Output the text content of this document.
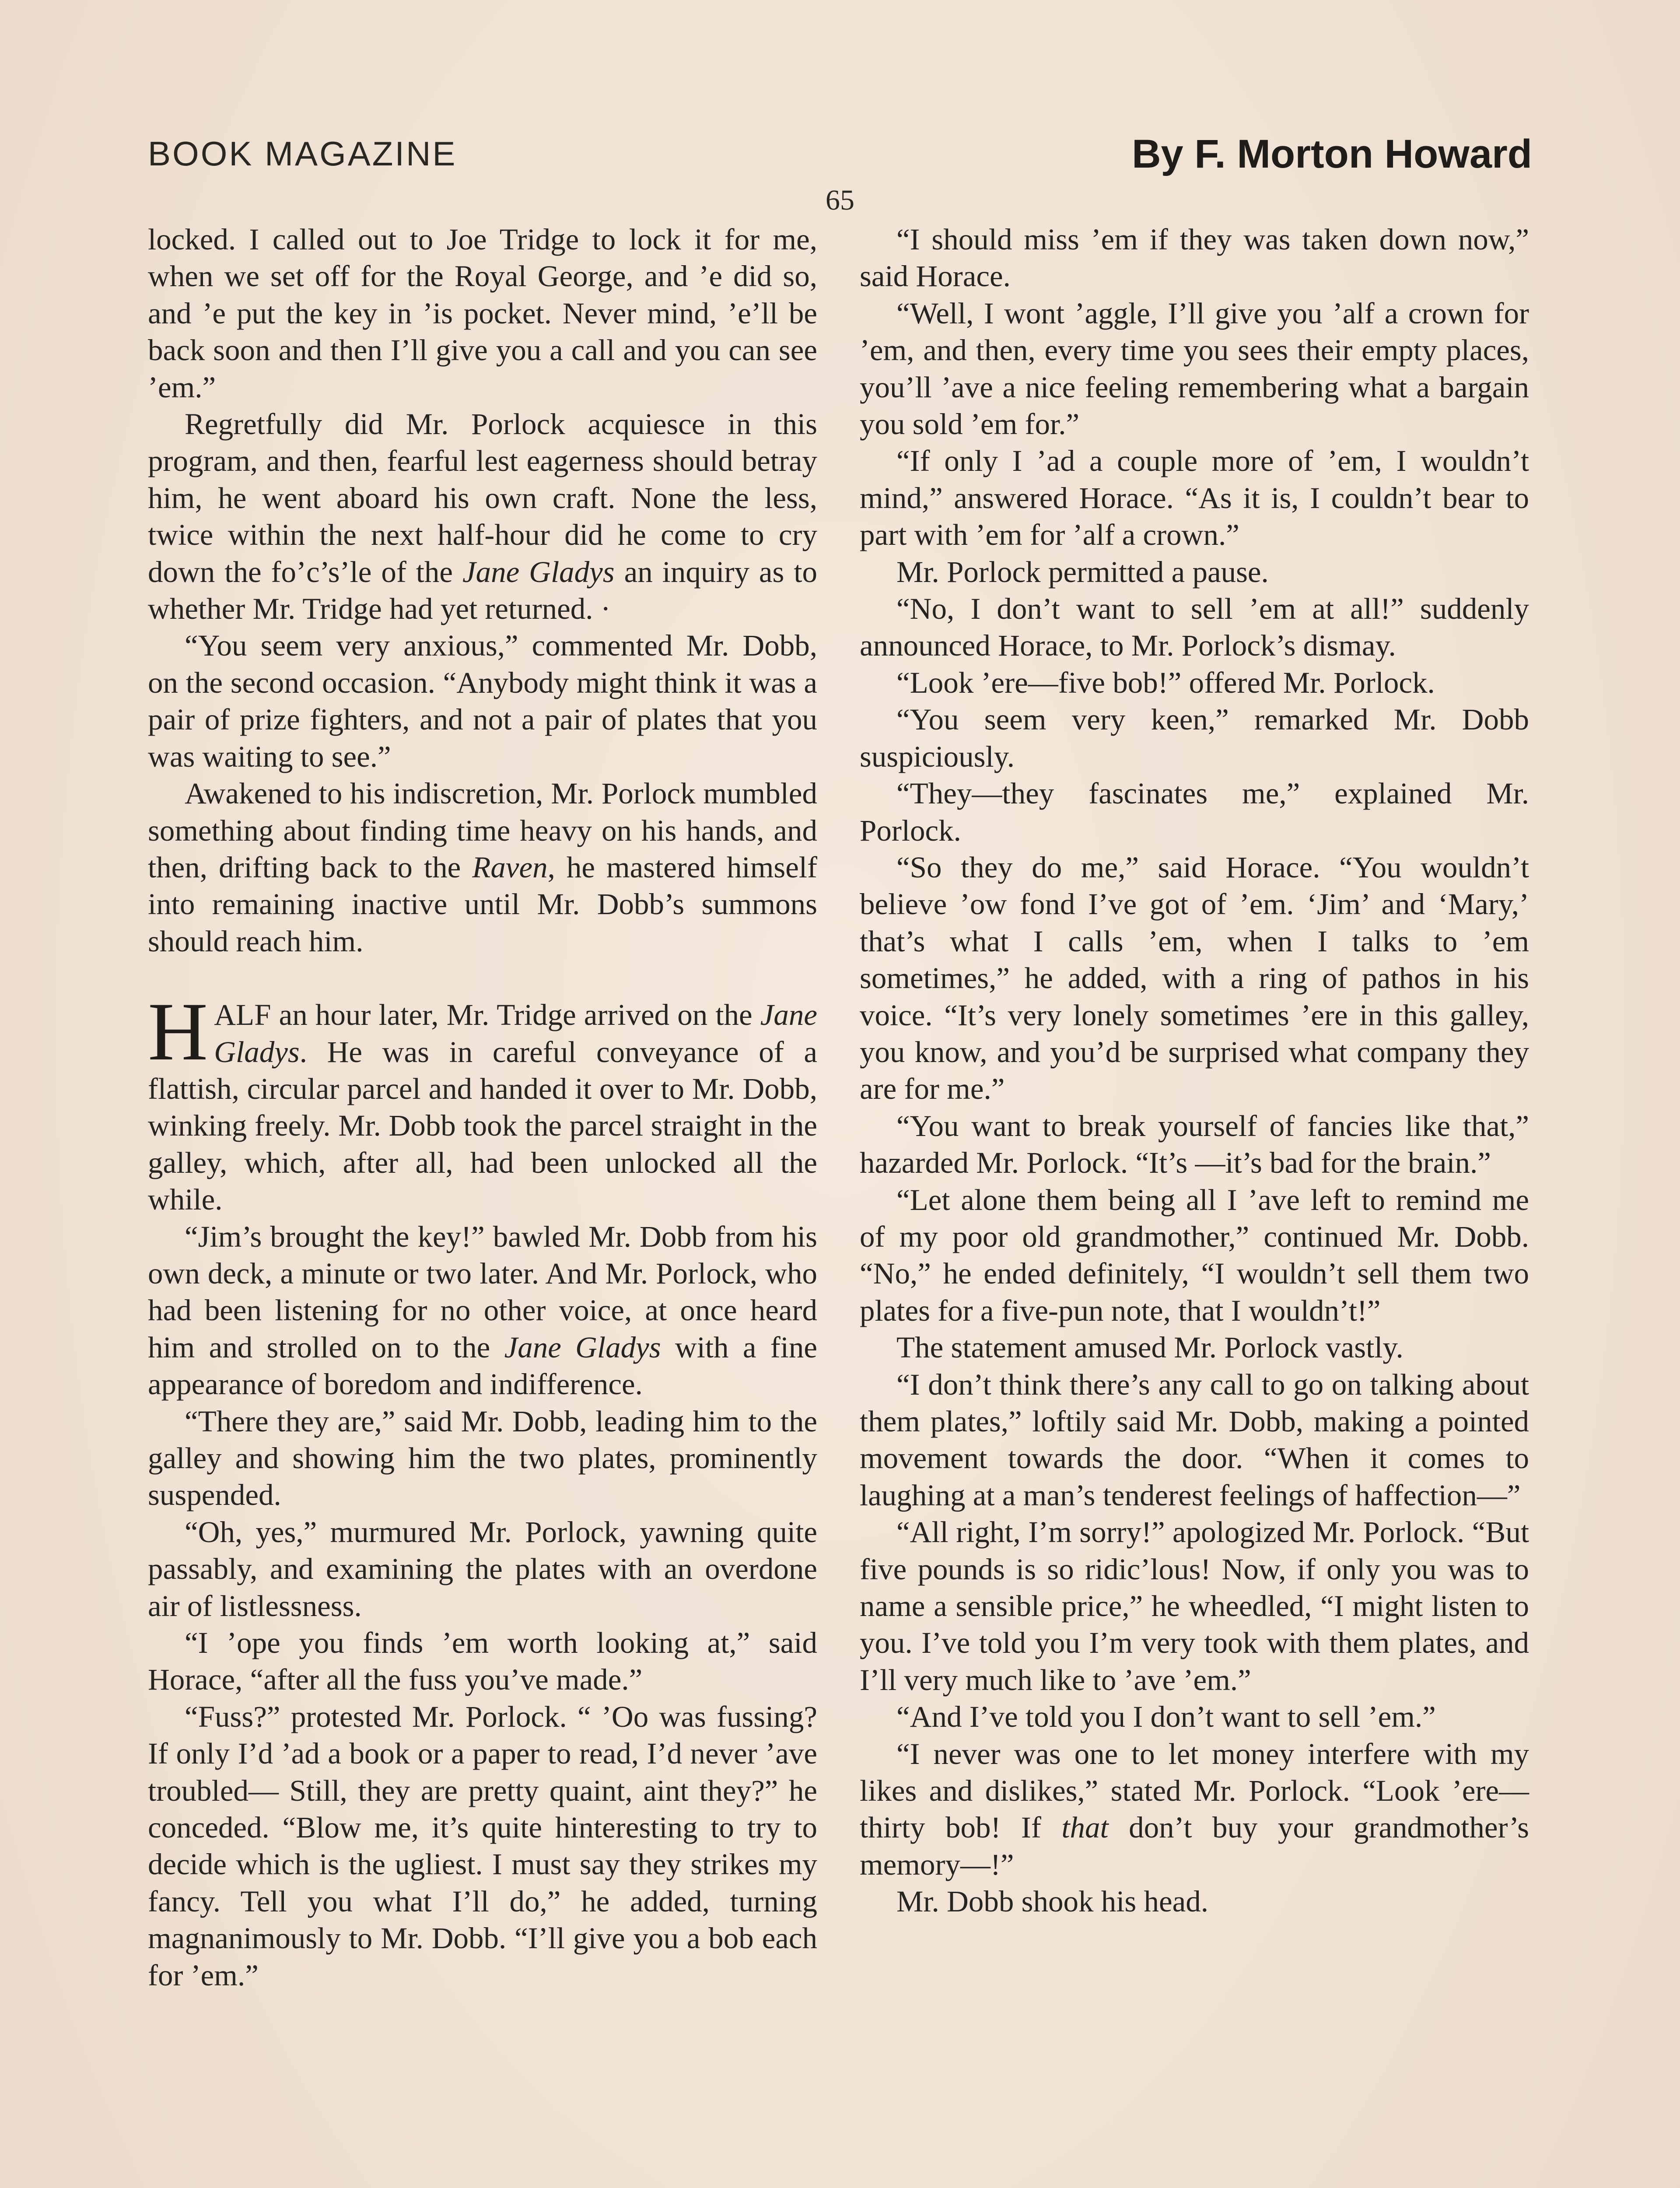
BOOK MAGAZINE	By F. Morton Howard
65

locked. I called out to Joe Tridge to lock it for me, when we set off for the Royal George, and ’e did so, and ’e put the key in ’is pocket. Never mind, ’e’ll be back soon and then I’ll give you a call and you can see ’em.”

Regretfully did Mr. Porlock acquiesce in this program, and then, fearful lest eagerness should betray him, he went aboard his own craft. None the less, twice within the next half-hour did he come to cry down the fo’c’s’le of the Jane Gladys an inquiry as to whether Mr. Tridge had yet returned. ·

“You seem very anxious,” commented Mr. Dobb, on the second occasion. “Anybody might think it was a pair of prize fighters, and not a pair of plates that you was waiting to see.”

Awakened to his indiscretion, Mr. Porlock mumbled something about finding time heavy on his hands, and then, drifting back to the Raven, he mastered himself into remaining inactive until Mr. Dobb’s summons should reach him.

HALF an hour later, Mr. Tridge arrived on the Jane Gladys. He was in careful conveyance of a flattish, circular parcel and handed it over to Mr. Dobb, winking freely. Mr. Dobb took the parcel straight in the galley, which, after all, had been unlocked all the while.

“Jim’s brought the key!” bawled Mr. Dobb from his own deck, a minute or two later. And Mr. Porlock, who had been listening for no other voice, at once heard him and strolled on to the Jane Gladys with a fine appearance of boredom and indifference.

“There they are,” said Mr. Dobb, leading him to the galley and showing him the two plates, prominently suspended.

“Oh, yes,” murmured Mr. Porlock, yawning quite passably, and examining the plates with an overdone air of listlessness.

“I ’ope you finds ’em worth looking at,” said Horace, “after all the fuss you’ve made.”

“Fuss?” protested Mr. Porlock. “ ’Oo was fussing? If only I’d ’ad a book or a paper to read, I’d never ’ave troubled— Still, they are pretty quaint, aint they?” he conceded. “Blow me, it’s quite hinteresting to try to decide which is the ugliest. I must say they strikes my fancy. Tell you what I’ll do,” he added, turning magnanimously to Mr. Dobb. “I’ll give you a bob each for ’em.”

“I should miss ’em if they was taken down now,” said Horace.

“Well, I wont ’aggle, I’ll give you ’alf a crown for ’em, and then, every time you sees their empty places, you’ll ’ave a nice feeling remembering what a bargain you sold ’em for.”

“If only I ’ad a couple more of ’em, I wouldn’t mind,” answered Horace. “As it is, I couldn’t bear to part with ’em for ’alf a crown.”

Mr. Porlock permitted a pause.

“No, I don’t want to sell ’em at all!” suddenly announced Horace, to Mr. Porlock’s dismay.

“Look ’ere—five bob!” offered Mr. Porlock.

“You seem very keen,” remarked Mr. Dobb suspiciously.

“They—they fascinates me,” explained Mr. Porlock.

“So they do me,” said Horace. “You wouldn’t believe ’ow fond I’ve got of ’em. ‘Jim’ and ‘Mary,’ that’s what I calls ’em, when I talks to ’em sometimes,” he added, with a ring of pathos in his voice. “It’s very lonely sometimes ’ere in this galley, you know, and you’d be surprised what company they are for me.”

“You want to break yourself of fancies like that,” hazarded Mr. Porlock. “It’s —it’s bad for the brain.”

“Let alone them being all I ’ave left to remind me of my poor old grandmother,” continued Mr. Dobb. “No,” he ended definitely, “I wouldn’t sell them two plates for a five-pun note, that I wouldn’t!”

The statement amused Mr. Porlock vastly.

“I don’t think there’s any call to go on talking about them plates,” loftily said Mr. Dobb, making a pointed movement towards the door. “When it comes to laughing at a man’s tenderest feelings of haffection—”

“All right, I’m sorry!” apologized Mr. Porlock. “But five pounds is so ridic’lous! Now, if only you was to name a sensible price,” he wheedled, “I might listen to you. I’ve told you I’m very took with them plates, and I’ll very much like to ’ave ’em.”

“And I’ve told you I don’t want to sell ’em.”

“I never was one to let money interfere with my likes and dislikes,” stated Mr. Porlock. “Look ’ere—thirty bob! If that don’t buy your grandmother’s memory—!”

Mr. Dobb shook his head.
